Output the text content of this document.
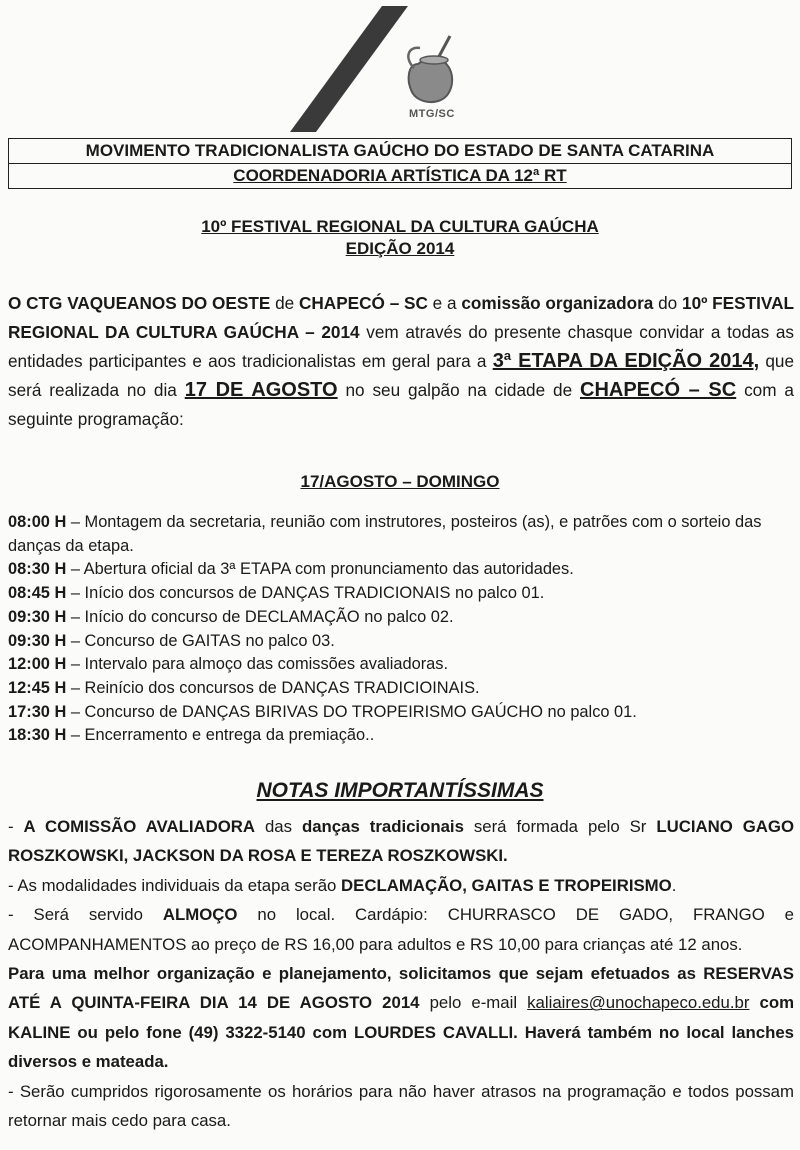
MTG/SC
MOVIMENTO TRADICIONALISTA GAÚCHO DO ESTADO DE SANTA CATARINA
COORDENADORIA ARTÍSTICA DA 12ª RT
10º FESTIVAL REGIONAL DA CULTURA GAÚCHA
EDIÇÃO 2014
O CTG VAQUEANOS DO OESTE de CHAPECÓ – SC e a comissão organizadora do 10º FESTIVAL REGIONAL DA CULTURA GAÚCHA – 2014 vem através do presente chasque convidar a todas as entidades participantes e aos tradicionalistas em geral para a 3ª ETAPA DA EDIÇÃO 2014, que será realizada no dia 17 DE AGOSTO no seu galpão na cidade de CHAPECÓ – SC com a seguinte programação:
17/AGOSTO – DOMINGO
08:00 H – Montagem da secretaria, reunião com instrutores, posteiros (as), e patrões com o sorteio das danças da etapa.
08:30 H – Abertura oficial da 3ª ETAPA com pronunciamento das autoridades.
08:45 H – Início dos concursos de DANÇAS TRADICIONAIS no palco 01.
09:30 H – Início do concurso de DECLAMAÇÃO no palco 02.
09:30 H – Concurso de GAITAS no palco 03.
12:00 H – Intervalo para almoço das comissões avaliadoras.
12:45 H – Reinício dos concursos de DANÇAS TRADICIOINAIS.
17:30 H – Concurso de DANÇAS BIRIVAS DO TROPEIRISMO GAÚCHO no palco 01.
18:30 H – Encerramento e entrega da premiação..
NOTAS IMPORTANTÍSSIMAS

- A COMISSÃO AVALIADORA das danças tradicionais será formada pelo Sr LUCIANO GAGO ROSZKOWSKI, JACKSON DA ROSA E TEREZA ROSZKOWSKI.

- As modalidades individuais da etapa serão DECLAMAÇÃO, GAITAS E TROPEIRISMO.

- Será servido ALMOÇO no local. Cardápio: CHURRASCO DE GADO, FRANGO e ACOMPANHAMENTOS ao preço de RS 16,00 para adultos e RS 10,00 para crianças até 12 anos.

Para uma melhor organização e planejamento, solicitamos que sejam efetuados as RESERVAS ATÉ A QUINTA-FEIRA DIA 14 DE AGOSTO 2014 pelo e-mail kaliaires@unochapeco.edu.br com KALINE ou pelo fone (49) 3322-5140 com LOURDES CAVALLI. Haverá também no local lanches diversos e mateada.

- Serão cumpridos rigorosamente os horários para não haver atrasos na programação e todos possam retornar mais cedo para casa.
